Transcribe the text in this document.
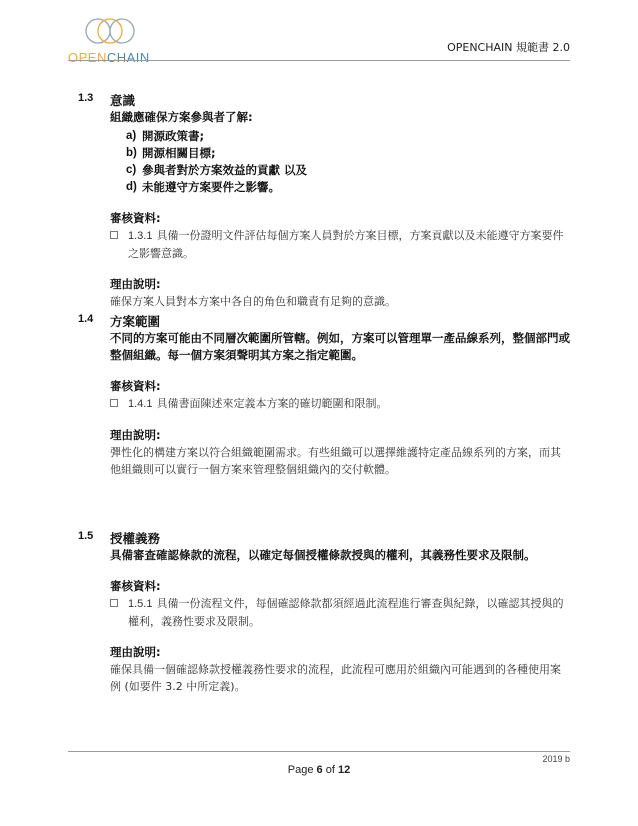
OPENCHAIN
OPENCHAIN 規範書 2.0
1.3 意識

組織應確保方案參與者了解:

a) 開源政策書;
b) 開源相關目標;
c) 參與者對於方案效益的貢獻 以及
d) 未能遵守方案要件之影響。

審核資料:

1.3.1 具備一份證明文件評估每個方案人員對於方案目標，方案貢獻以及未能遵守方案要件之影響意識。

理由說明:

確保方案人員對本方案中各自的角色和職責有足夠的意識。

1.4 方案範圍

不同的方案可能由不同層次範圍所管轄。例如，方案可以管理單一產品線系列，整個部門或整個組織。每一個方案須聲明其方案之指定範圍。

審核資料:

1.4.1 具備書面陳述來定義本方案的確切範圍和限制。

理由說明:

彈性化的構建方案以符合組織範圍需求。有些組織可以選擇維護特定產品線系列的方案，而其他組織則可以實行一個方案來管理整個組織內的交付軟體。

1.5 授權義務

具備審查確認條款的流程，以確定每個授權條款授與的權利，其義務性要求及限制。

審核資料:

1.5.1 具備一份流程文件，每個確認條款都須經過此流程進行審查與紀錄，以確認其授與的權利，義務性要求及限制。

理由說明:

確保具備一個確認條款授權義務性要求的流程，此流程可應用於組織內可能遇到的各種使用案例 (如要件 3.2 中所定義)。

2019 b
Page 6 of 12
